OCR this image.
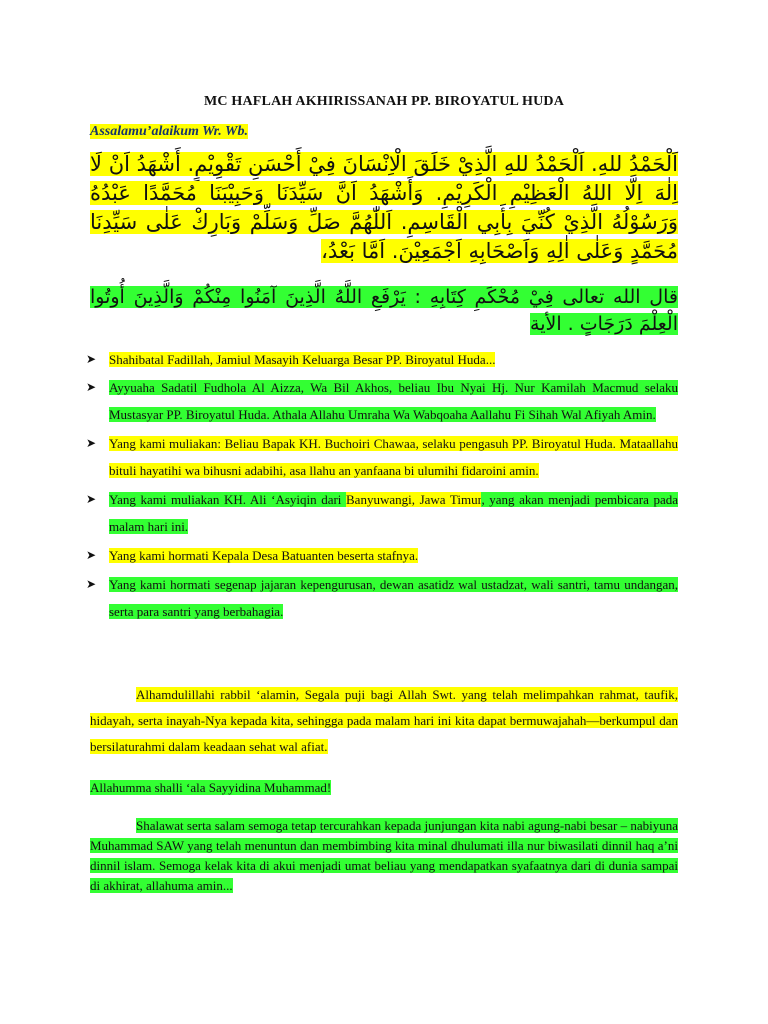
MC HAFLAH AKHIRISSANAH PP. BIROYATUL HUDA
Assalamu’alaikum Wr. Wb.
اَلْحَمْدُ للهِ. اَلْحَمْدُ للهِ الَّذِيْ خَلَقَ الْاِنْسَانَ فِيْ أَحْسَنِ تَقْوِيْمٍ. أَشْهَدُ اَنْ لَا اِلٰهَ اِلَّا اللهُ الْعَظِيْمِ الْكَرِيْمِ. وَأَشْهَدُ اَنَّ سَيِّدَنَا وَحَبِيْبَنَا مُحَمَّدًا عَبْدُهُ وَرَسُوْلُهُ الَّذِيْ كُنِّيَ بِأَبِي الْقَاسِمِ. اَللّٰهُمَّ صَلِّ وَسَلِّمْ وَبَارِكْ عَلٰى سَيِّدِنَا مُحَمَّدٍ وَعَلٰى اٰلِهِ وَاَصْحَابِهِ اَجْمَعِيْنَ. اَمَّا بَعْدُ،
قال الله تعالى فِيْ مُحْكَمِ كِتَابِهِ : يَرْفَعِ اللَّهُ الَّذِينَ آمَنُوا مِنْكُمْ وَالَّذِينَ أُوتُوا الْعِلْمَ دَرَجَاتٍ . الأية
➤ Shahibatal Fadillah, Jamiul Masayih Keluarga Besar PP. Biroyatul Huda...
➤ Ayyuaha Sadatil Fudhola Al Aizza, Wa Bil Akhos, beliau Ibu Nyai Hj. Nur Kamilah Macmud selaku Mustasyar PP. Biroyatul Huda. Athala Allahu Umraha Wa Wabqoaha Aallahu Fi Sihah Wal Afiyah Amin.
➤ Yang kami muliakan: Beliau Bapak KH. Buchoiri Chawaa, selaku pengasuh PP. Biroyatul Huda. Mataallahu bituli hayatihi wa bihusni adabihi, asa llahu an yanfaana bi ulumihi fidaroini amin.
➤ Yang kami muliakan KH. Ali ‘Asyiqin dari Banyuwangi, Jawa Timur, yang akan menjadi pembicara pada malam hari ini.
➤ Yang kami hormati Kepala Desa Batuanten beserta stafnya.
➤ Yang kami hormati segenap jajaran kepengurusan, dewan asatidz wal ustadzat, wali santri, tamu undangan, serta para santri yang berbahagia.
Alhamdulillahi rabbil ‘alamin, Segala puji bagi Allah Swt. yang telah melimpahkan rahmat, taufik, hidayah, serta inayah-Nya kepada kita, sehingga pada malam hari ini kita dapat bermuwajahah—berkumpul dan bersilaturahmi dalam keadaan sehat wal afiat.
Allahumma shalli ‘ala Sayyidina Muhammad!
Shalawat serta salam semoga tetap tercurahkan kepada junjungan kita nabi agung-nabi besar – nabiyuna Muhammad SAW yang telah menuntun dan membimbing kita minal dhulumati illa nur biwasilati dinnil haq a’ni dinnil islam. Semoga kelak kita di akui menjadi umat beliau yang mendapatkan syafaatnya dari di dunia sampai di akhirat, allahuma amin...
